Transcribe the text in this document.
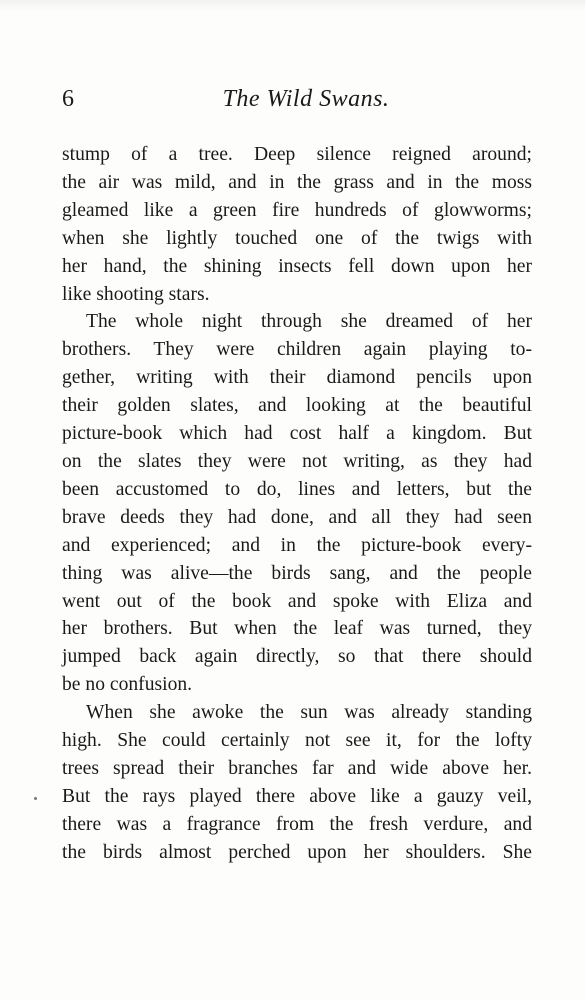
6	The Wild Swans.

stump of a tree. Deep silence reigned around;
the air was mild, and in the grass and in the moss
gleamed like a green fire hundreds of glowworms;
when she lightly touched one of the twigs with
her hand, the shining insects fell down upon her
like shooting stars.

The whole night through she dreamed of her
brothers. They were children again playing to-
gether, writing with their diamond pencils upon
their golden slates, and looking at the beautiful
picture-book which had cost half a kingdom. But
on the slates they were not writing, as they had
been accustomed to do, lines and letters, but the
brave deeds they had done, and all they had seen
and experienced; and in the picture-book every-
thing was alive—the birds sang, and the people
went out of the book and spoke with Eliza and
her brothers. But when the leaf was turned, they
jumped back again directly, so that there should
be no confusion.

When she awoke the sun was already standing
high. She could certainly not see it, for the lofty
trees spread their branches far and wide above her.
But the rays played there above like a gauzy veil,
there was a fragrance from the fresh verdure, and
the birds almost perched upon her shoulders. She
